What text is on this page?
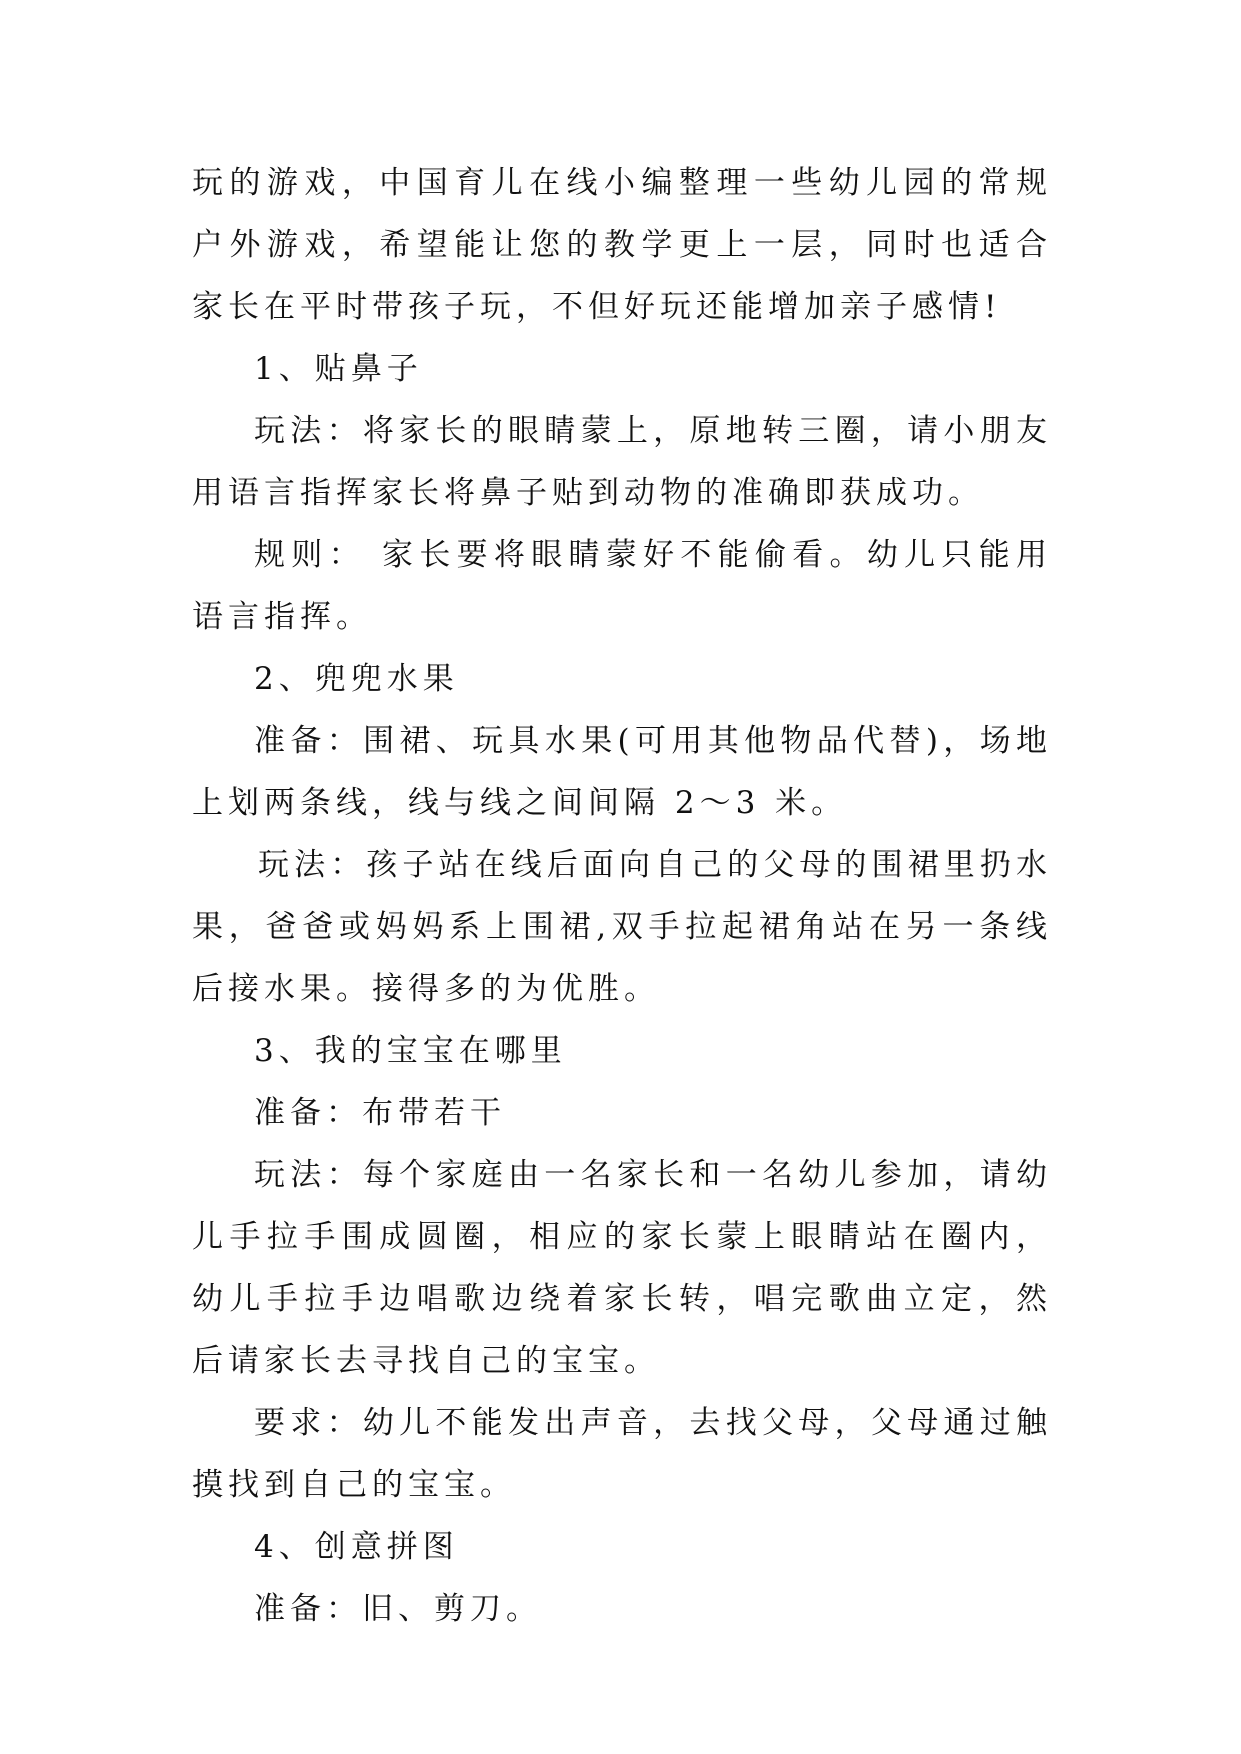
玩的游戏，中国育儿在线小编整理一些幼儿园的常规户外游戏，希望能让您的教学更上一层，同时也适合家长在平时带孩子玩，不但好玩还能增加亲子感情!

1、贴鼻子

玩法：将家长的眼睛蒙上，原地转三圈，请小朋友用语言指挥家长将鼻子贴到动物的准确即获成功。

规则： 家长要将眼睛蒙好不能偷看。幼儿只能用语言指挥。

2、兜兜水果

准备：围裙、玩具水果(可用其他物品代替)，场地上划两条线，线与线之间间隔 2～3 米。

玩法：孩子站在线后面向自己的父母的围裙里扔水果，爸爸或妈妈系上围裙,双手拉起裙角站在另一条线后接水果。接得多的为优胜。

3、我的宝宝在哪里

准备：布带若干

玩法：每个家庭由一名家长和一名幼儿参加，请幼儿手拉手围成圆圈，相应的家长蒙上眼睛站在圈内，幼儿手拉手边唱歌边绕着家长转，唱完歌曲立定，然后请家长去寻找自己的宝宝。

要求：幼儿不能发出声音，去找父母，父母通过触摸找到自己的宝宝。

4、创意拼图

准备：旧、剪刀。
